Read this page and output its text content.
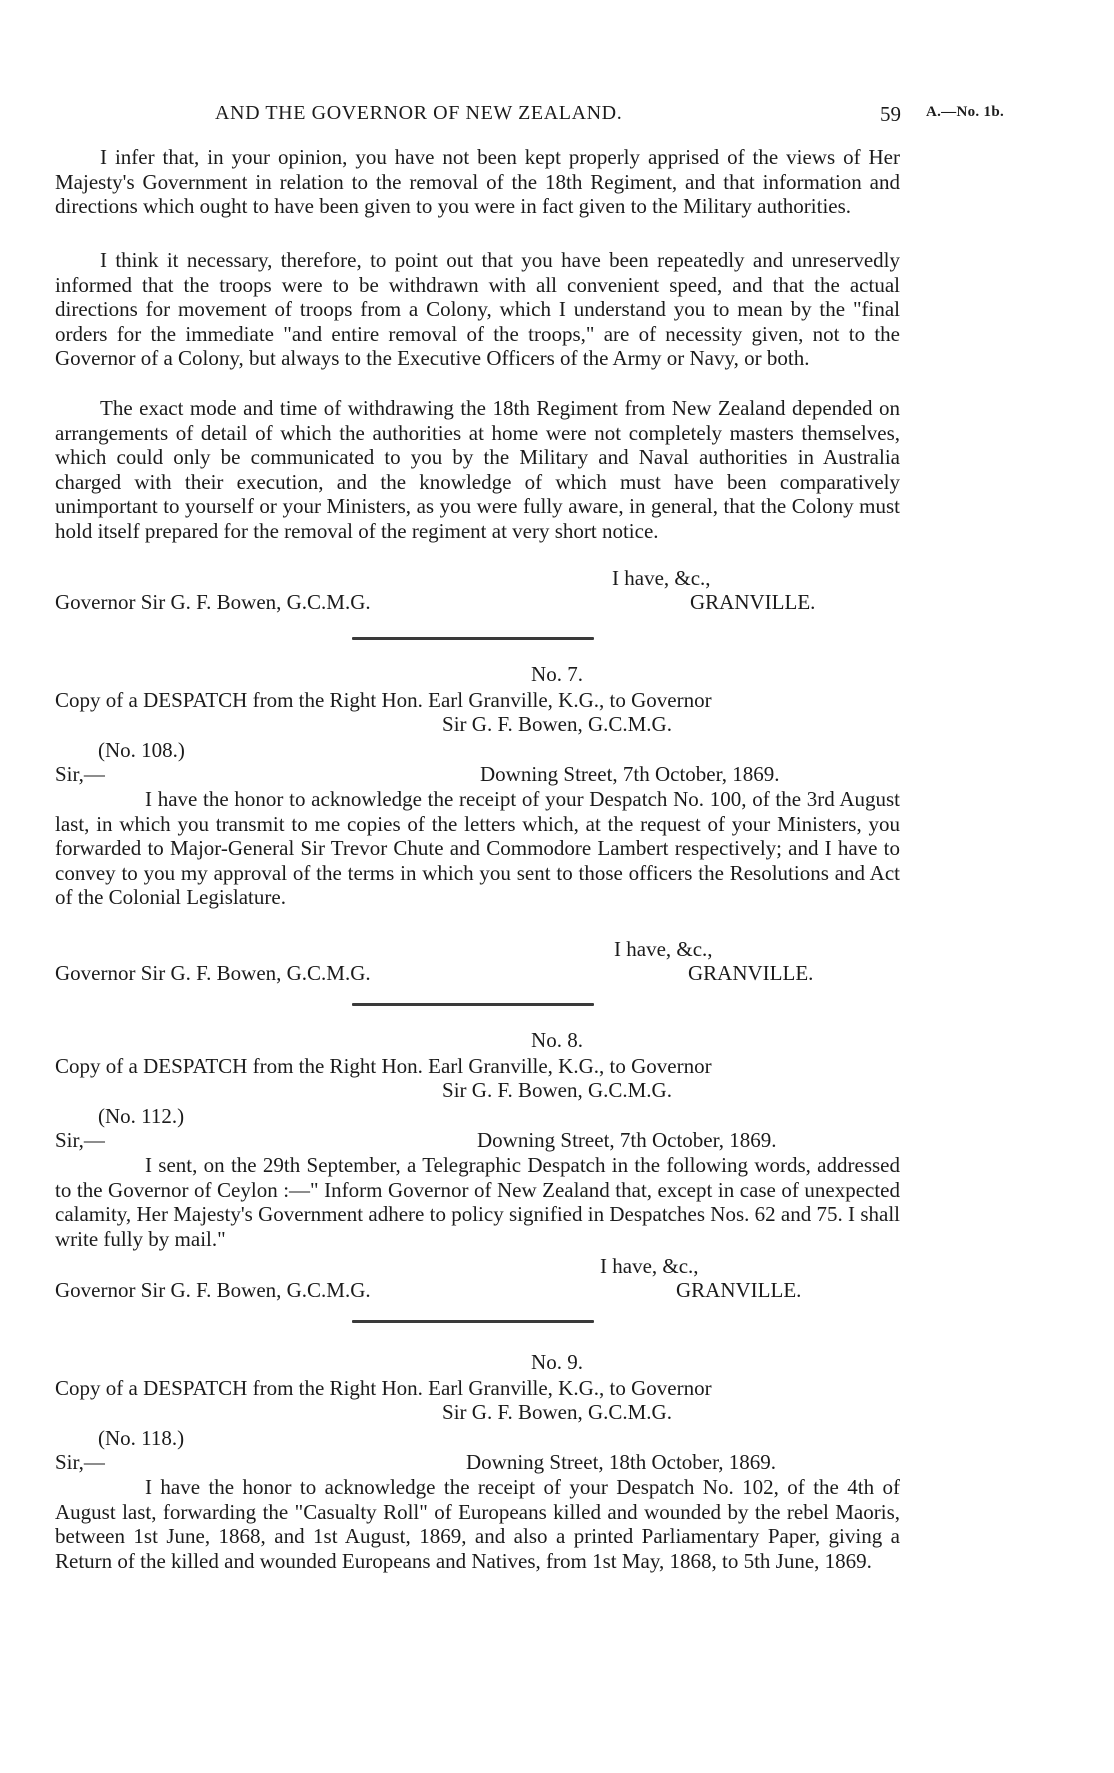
AND THE GOVERNOR OF NEW ZEALAND.	59 A.—No. 1b.

I infer that, in your opinion, you have not been kept properly apprised of the views of Her Majesty's Government in relation to the removal of the 18th Regiment, and that information and directions which ought to have been given to you were in fact given to the Military authorities.

I think it necessary, therefore, to point out that you have been repeatedly and unreservedly informed that the troops were to be withdrawn with all convenient speed, and that the actual directions for movement of troops from a Colony, which I understand you to mean by the "final orders for the immediate "and entire removal of the troops," are of necessity given, not to the Governor of a Colony, but always to the Executive Officers of the Army or Navy, or both.

The exact mode and time of withdrawing the 18th Regiment from New Zealand depended on arrangements of detail of which the authorities at home were not completely masters themselves, which could only be communicated to you by the Military and Naval authorities in Australia charged with their execution, and the knowledge of which must have been comparatively unimportant to yourself or your Ministers, as you were fully aware, in general, that the Colony must hold itself prepared for the removal of the regiment at very short notice.

I have, &c.,
Governor Sir G. F. Bowen, G.C.M.G.	GRANVILLE.
No. 7.
Copy of a DESPATCH from the Right Hon. Earl Granville, K.G., to Governor
Sir G. F. Bowen, G.C.M.G.
(No. 108.)
Sir,—	Downing Street, 7th October, 1869.

I have the honor to acknowledge the receipt of your Despatch No. 100, of the 3rd August last, in which you transmit to me copies of the letters which, at the request of your Ministers, you forwarded to Major-General Sir Trevor Chute and Commodore Lambert respectively; and I have to convey to you my approval of the terms in which you sent to those officers the Resolutions and Act of the Colonial Legislature.

I have, &c.,
Governor Sir G. F. Bowen, G.C.M.G.	GRANVILLE.
No. 8.
Copy of a DESPATCH from the Right Hon. Earl Granville, K.G., to Governor
Sir G. F. Bowen, G.C.M.G.
(No. 112.)
Sir,—	Downing Street, 7th October, 1869.

I sent, on the 29th September, a Telegraphic Despatch in the following words, addressed to the Governor of Ceylon :—" Inform Governor of New Zealand that, except in case of unexpected calamity, Her Majesty's Government adhere to policy signified in Despatches Nos. 62 and 75. I shall write fully by mail."

I have, &c.,
Governor Sir G. F. Bowen, G.C.M.G.	GRANVILLE.
No. 9.
Copy of a DESPATCH from the Right Hon. Earl Granville, K.G., to Governor
Sir G. F. Bowen, G.C.M.G.
(No. 118.)
Sir,—	Downing Street, 18th October, 1869.

I have the honor to acknowledge the receipt of your Despatch No. 102, of the 4th of August last, forwarding the "Casualty Roll" of Europeans killed and wounded by the rebel Maoris, between 1st June, 1868, and 1st August, 1869, and also a printed Parliamentary Paper, giving a Return of the killed and wounded Europeans and Natives, from 1st May, 1868, to 5th June, 1869.
